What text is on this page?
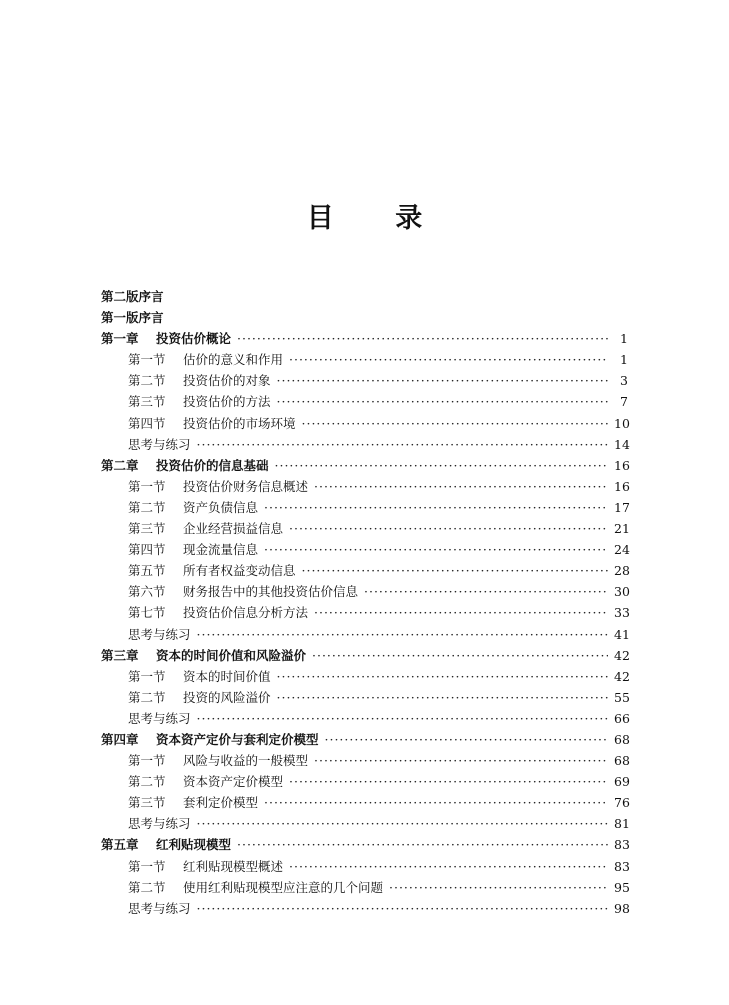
目 录
第二版序言
第一版序言
第一章 投资估价概论 ·····	1
第一节 估价的意义和作用 ·····	1
第二节 投资估价的对象 ·····	3
第三节 投资估价的方法 ·····	7
第四节 投资估价的市场环境 ·····	10
思考与练习 ·····	14
第二章 投资估价的信息基础 ·····	16
第一节 投资估价财务信息概述 ·····	16
第二节 资产负债信息 ·····	17
第三节 企业经营损益信息 ·····	21
第四节 现金流量信息 ·····	24
第五节 所有者权益变动信息 ·····	28
第六节 财务报告中的其他投资估价信息 ·····	30
第七节 投资估价信息分析方法 ·····	33
思考与练习 ·····	41
第三章 资本的时间价值和风险溢价 ·····	42
第一节 资本的时间价值 ·····	42
第二节 投资的风险溢价 ·····	55
思考与练习 ·····	66
第四章 资本资产定价与套利定价模型 ·····	68
第一节 风险与收益的一般模型 ·····	68
第二节 资本资产定价模型 ·····	69
第三节 套利定价模型 ·····	76
思考与练习 ·····	81
第五章 红利贴现模型 ·····	83
第一节 红利贴现模型概述 ·····	83
第二节 使用红利贴现模型应注意的几个问题 ·····	95
思考与练习 ·····	98
